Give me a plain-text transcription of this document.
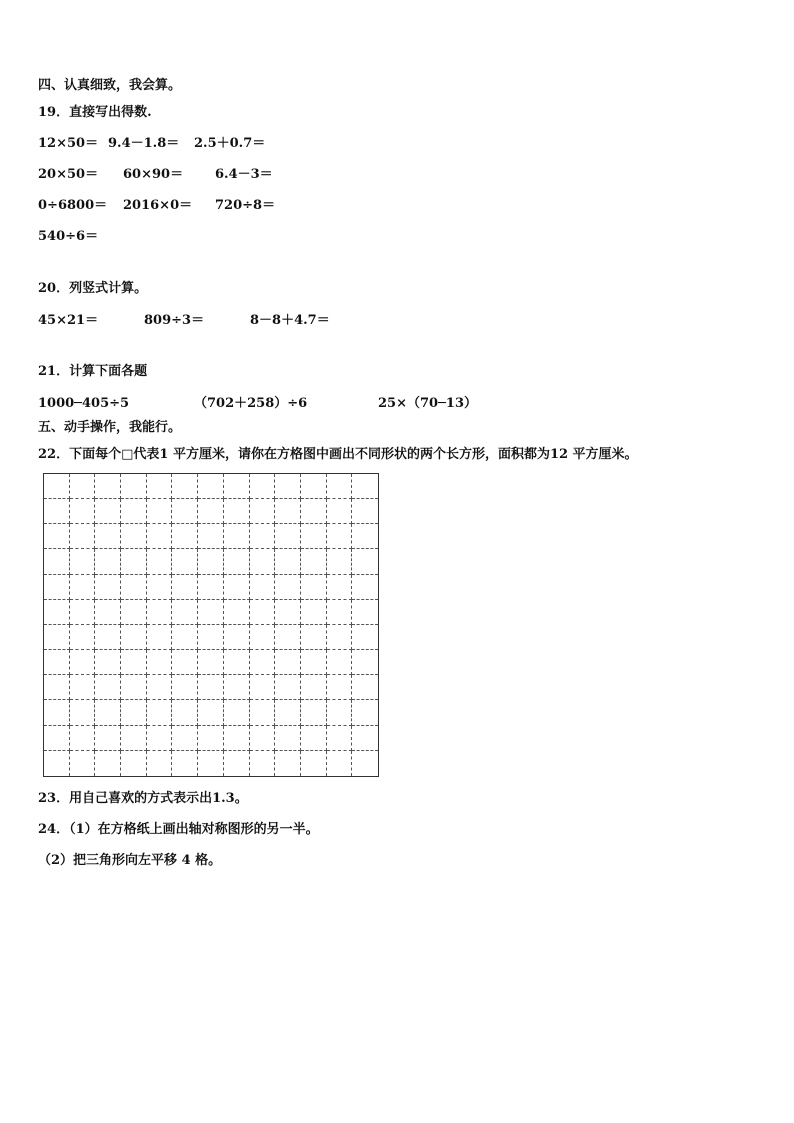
四、认真细致，我会算。
19．直接写出得数.
12×50＝ 9.4－1.8＝ 2.5＋0.7＝
20×50＝ 60×90＝ 6.4－3＝
0÷6800＝ 2016×0＝ 720÷8＝
540÷6＝
20．列竖式计算。
45×21＝	809÷3＝	8－8＋4.7＝
21．计算下面各题
1000─405÷5	（702＋258）÷6	25×（70─13）
五、动手操作，我能行。
22．下面每个□代表1 平方厘米，请你在方格图中画出不同形状的两个长方形，面积都为12 平方厘米。
23．用自己喜欢的方式表示出1.3。
24．（1）在方格纸上画出轴对称图形的另一半。
（2）把三角形向左平移 4 格。
